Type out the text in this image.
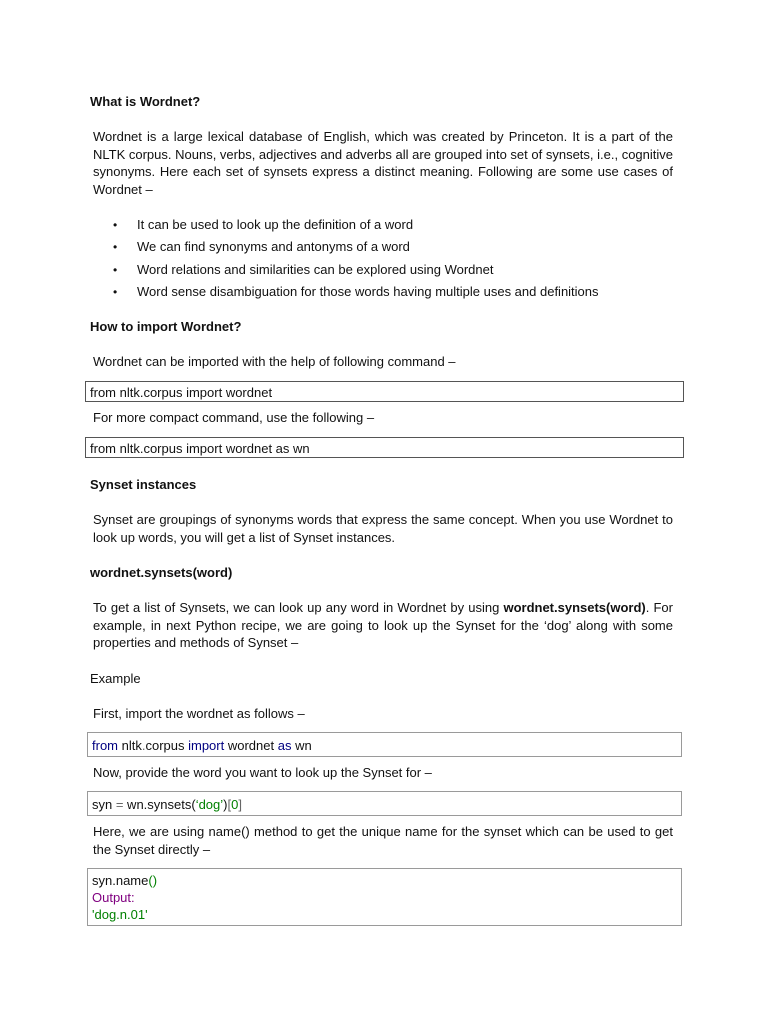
What is Wordnet?
Wordnet is a large lexical database of English, which was created by Princeton. It is a part of the NLTK corpus. Nouns, verbs, adjectives and adverbs all are grouped into set of synsets, i.e., cognitive synonyms. Here each set of synsets express a distinct meaning. Following are some use cases of Wordnet –
• It can be used to look up the definition of a word
• We can find synonyms and antonyms of a word
• Word relations and similarities can be explored using Wordnet
• Word sense disambiguation for those words having multiple uses and definitions
How to import Wordnet?
Wordnet can be imported with the help of following command –
from nltk.corpus import wordnet
For more compact command, use the following –
from nltk.corpus import wordnet as wn
Synset instances
Synset are groupings of synonyms words that express the same concept. When you use Wordnet to look up words, you will get a list of Synset instances.
wordnet.synsets(word)
To get a list of Synsets, we can look up any word in Wordnet by using wordnet.synsets(word). For example, in next Python recipe, we are going to look up the Synset for the ‘dog’ along with some properties and methods of Synset –
Example
First, import the wordnet as follows –
from nltk.corpus import wordnet as wn
Now, provide the word you want to look up the Synset for –
syn = wn.synsets(‘dog’)[0]
Here, we are using name() method to get the unique name for the synset which can be used to get the Synset directly –
syn.name()
Output:
'dog.n.01'
